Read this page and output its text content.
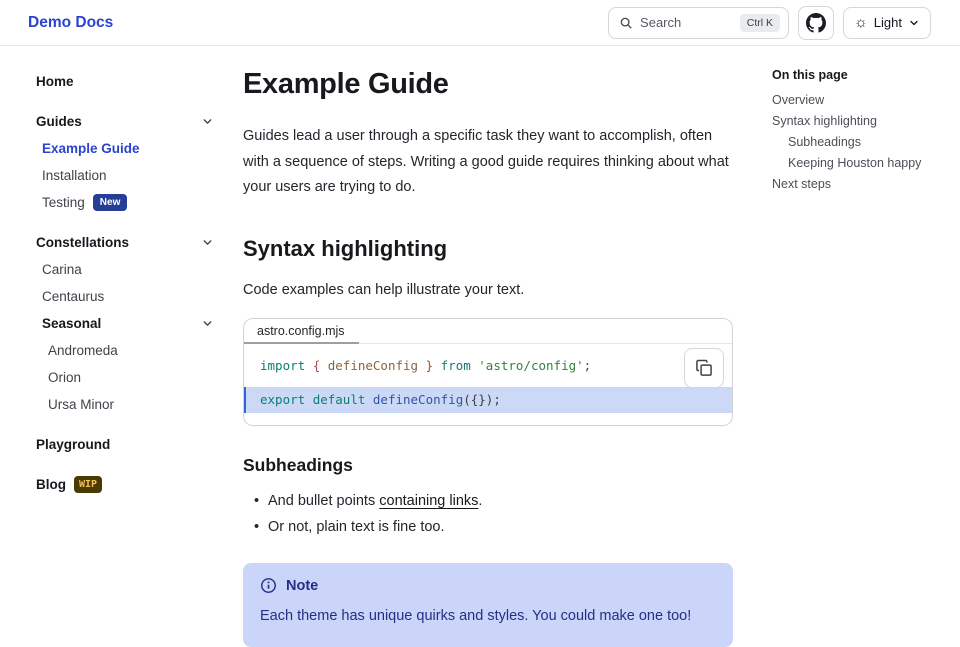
Demo Docs	Search	Ctrl K	☼ Light
Home
Guides
Example Guide
Installation
Testing	New
Constellations
Carina
Centaurus
Seasonal
Andromeda
Orion
Ursa Minor
Playground
Blog	WIP
Example Guide

Guides lead a user through a specific task they want to accomplish, often with a sequence of steps. Writing a good guide requires thinking about what your users are trying to do.

Syntax highlighting

Code examples can help illustrate your text.

astro.config.mjs
import { defineConfig } from 'astro/config';
export default defineConfig({});
Subheadings
• And bullet points containing links.
• Or not, plain text is fine too.
Note

Each theme has unique quirks and styles. You could make one too!

On this page
Overview
Syntax highlighting
Subheadings
Keeping Houston happy
Next steps
